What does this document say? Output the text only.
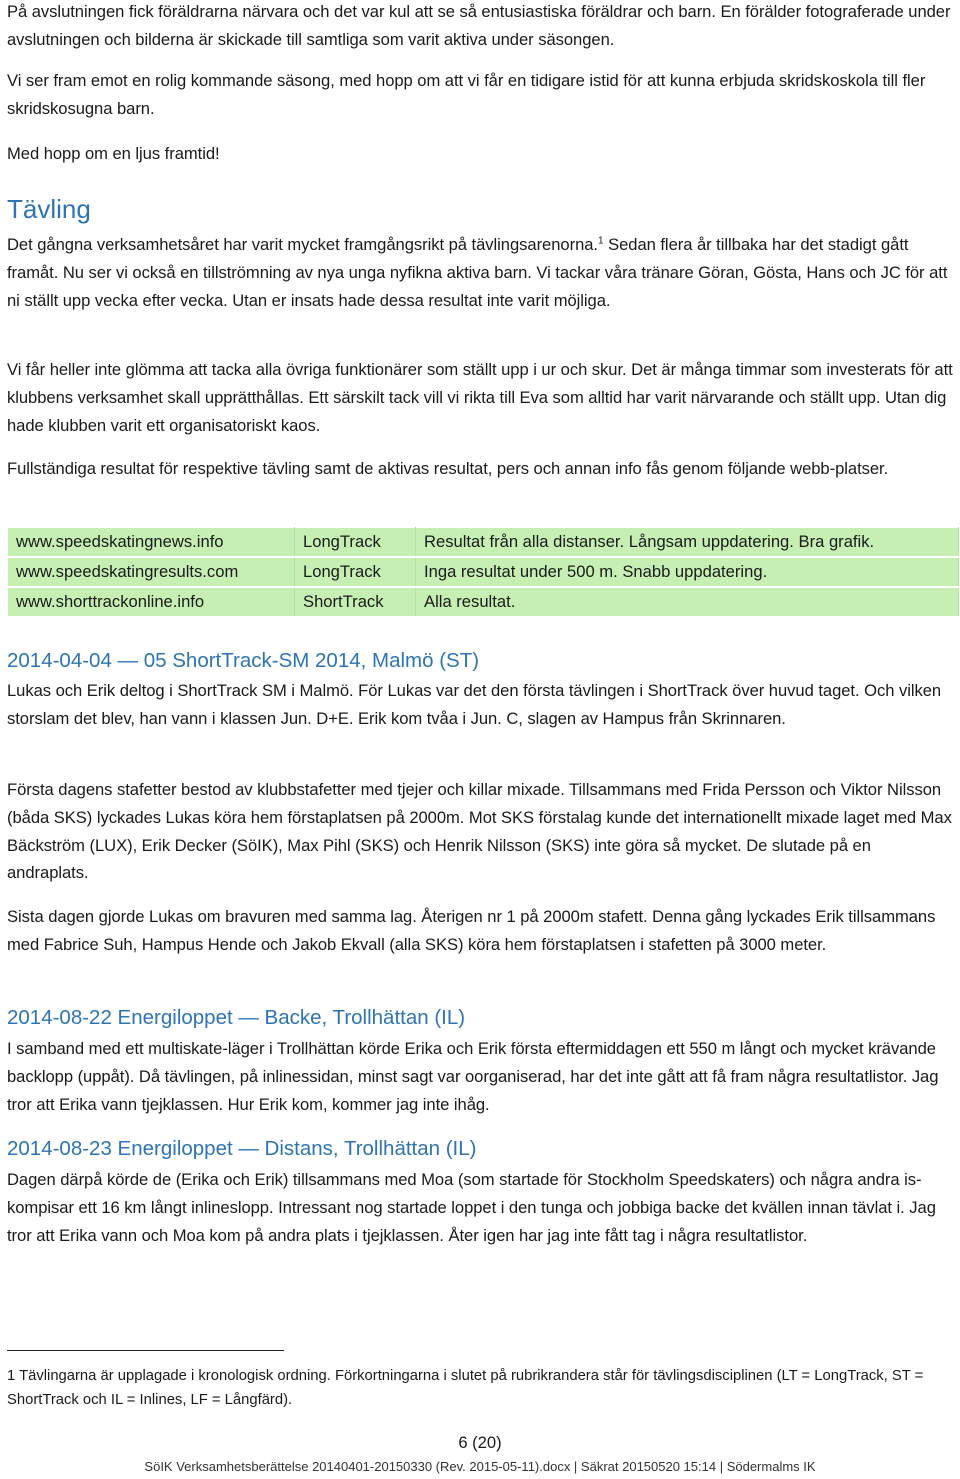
På avslutningen fick föräldrarna närvara och det var kul att se så entusiastiska föräldrar och barn. En förälder fotograferade under avslutningen och bilderna är skickade till samtliga som varit aktiva under säsongen.

Vi ser fram emot en rolig kommande säsong, med hopp om att vi får en tidigare istid för att kunna erbjuda skridskoskola till fler skridskosugna barn.

Med hopp om en ljus framtid!

Tävling

Det gångna verksamhetsåret har varit mycket framgångsrikt på tävlingsarenorna.$^1$ Sedan flera år tillbaka har det stadigt gått framåt. Nu ser vi också en tillströmning av nya unga nyfikna aktiva barn. Vi tackar våra tränare Göran, Gösta, Hans och JC för att ni ställt upp vecka efter vecka. Utan er insats hade dessa resultat inte varit möjliga.

Vi får heller inte glömma att tacka alla övriga funktionärer som ställt upp i ur och skur. Det är många timmar som investerats för att klubbens verksamhet skall upprätthållas. Ett särskilt tack vill vi rikta till Eva som alltid har varit närvarande och ställt upp. Utan dig hade klubben varit ett organisatoriskt kaos.

Fullständiga resultat för respektive tävling samt de aktivas resultat, pers och annan info fås genom följande webb-platser.

www.speedskatingnews.info	LongTrack	Resultat från alla distanser. Långsam uppdatering. Bra grafik.
www.speedskatingresults.com	LongTrack	Inga resultat under 500 m. Snabb uppdatering.
www.shorttrackonline.info	ShortTrack	Alla resultat.
2014-04-04 — 05 ShortTrack-SM 2014, Malmö (ST)

Lukas och Erik deltog i ShortTrack SM i Malmö. För Lukas var det den första tävlingen i ShortTrack över huvud taget. Och vilken storslam det blev, han vann i klassen Jun. D+E. Erik kom tvåa i Jun. C, slagen av Hampus från Skrinnaren.

Första dagens stafetter bestod av klubbstafetter med tjejer och killar mixade. Tillsammans med Frida Persson och Viktor Nilsson (båda SKS) lyckades Lukas köra hem förstaplatsen på 2000m. Mot SKS förstalag kunde det internationellt mixade laget med Max Bäckström (LUX), Erik Decker (SöIK), Max Pihl (SKS) och Henrik Nilsson (SKS) inte göra så mycket. De slutade på en andraplats.

Sista dagen gjorde Lukas om bravuren med samma lag. Återigen nr 1 på 2000m stafett. Denna gång lyckades Erik tillsammans med Fabrice Suh, Hampus Hende och Jakob Ekvall (alla SKS) köra hem förstaplatsen i stafetten på 3000 meter.

2014-08-22 Energiloppet — Backe, Trollhättan (IL)

I samband med ett multiskate-läger i Trollhättan körde Erika och Erik första eftermiddagen ett 550 m långt och mycket krävande backlopp (uppåt). Då tävlingen, på inlinessidan, minst sagt var oorganiserad, har det inte gått att få fram några resultatlistor. Jag tror att Erika vann tjejklassen. Hur Erik kom, kommer jag inte ihåg.

2014-08-23 Energiloppet — Distans, Trollhättan (IL)

Dagen därpå körde de (Erika och Erik) tillsammans med Moa (som startade för Stockholm Speedskaters) och några andra is-kompisar ett 16 km långt inlineslopp. Intressant nog startade loppet i den tunga och jobbiga backe det kvällen innan tävlat i. Jag tror att Erika vann och Moa kom på andra plats i tjejklassen. Åter igen har jag inte fått tag i några resultatlistor.

1 Tävlingarna är upplagade i kronologisk ordning. Förkortningarna i slutet på rubrikrandera står för tävlingsdisciplinen (LT = LongTrack, ST = ShortTrack och IL = Inlines, LF = Långfärd).
6 (20)
SöIK Verksamhetsberättelse 20140401-20150330 (Rev. 2015-05-11).docx | Säkrat 20150520 15:14 | Södermalms IK
